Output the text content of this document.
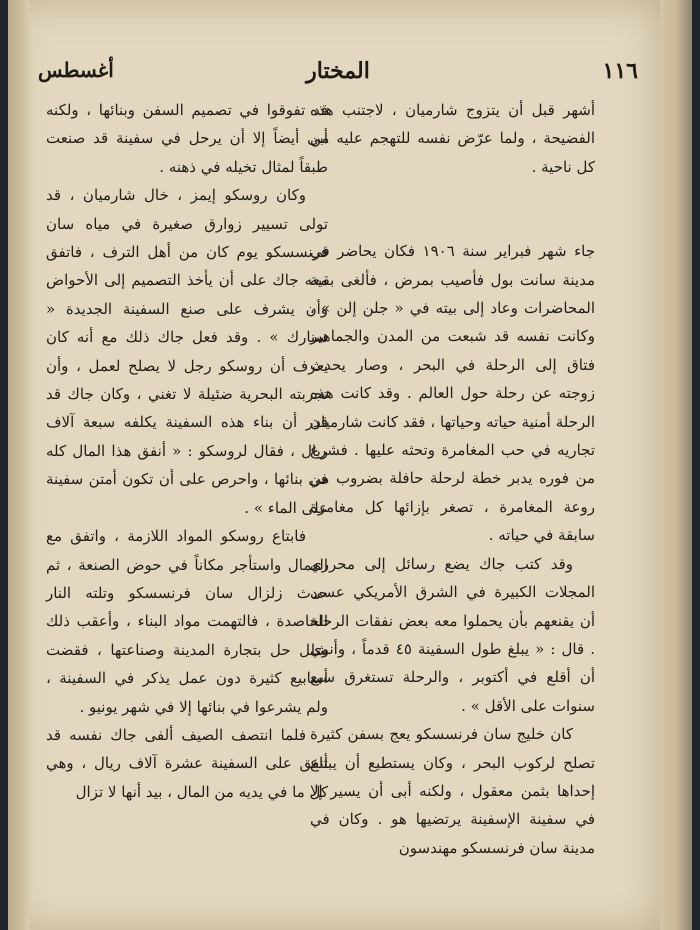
١١٦
المختار
أغسطس

أشهر قبل أن يتزوج شارميان ، لاجتنب هذه الفضيحة ، ولما عرّض نفسه للتهجم عليه من كل ناحية .

جاء شهر فبراير سنة ١٩٠٦ فكان يحاضر في مدينة سانت بول فأصيب بمرض ، فألغى بقية المحاضرات وعاد إلى بيته في « جلن إلن » ، وكانت نفسه قد شبعت من المدن والجماهير فتاق إلى الرحلة في البحر ، وصار يحدث زوجته عن رحلة حول العالم . وقد كانت هذه الرحلة أمنية حياته وحياتها ، فقد كانت شارميان تجاريه في حب المغامرة وتحثه عليها . فشرع من فوره يدبر خطة لرحلة حافلة بضروب من روعة المغامرة ، تصغر بإزائها كل مغامرة سابقة في حياته .

وقد كتب جاك يضع رسائل إلى محرري المجلات الكبيرة في الشرق الأمريكي عسى أن يقنعهم بأن يحملوا معه بعض نفقات الرحلة . قال : « يبلغ طول السفينة ٤٥ قدماً ، وأنوي أن أقلع في أكتوبر ، والرحلة تستغرق سبع سنوات على الأقل » .

كان خليج سان فرنسسكو يعج بسفن كثيرة تصلح لركوب البحر ، وكان يستطيع أن يبتاع إحداها بثمن معقول ، ولكنه أبى أن يسير إلا في سفينة الإسفينة يرتضيها هو . وكان في مدينة سان فرنسسكو مهندسون

قد تفوقوا في تصميم السفن وبنائها ، ولكنه أبى أيضاً إلا أن يرحل في سفينة قد صنعت طبقاً لمثال تخيله في ذهنه .

وكان روسكو إيمز ، خال شارميان ، قد تولى تسيير زوارق صغيرة في مياه سان فرنسسكو يوم كان من أهل الترف ، فاتفق معه جاك على أن يأخذ التصميم إلى الأحواض وأن يشرف على صنع السفينة الجديدة « سنارك » . وقد فعل جاك ذلك مع أنه كان يعرف أن روسكو رجل لا يصلح لعمل ، وأن تجربته البحرية ضئيلة لا تغني ، وكان جاك قد قدر أن بناء هذه السفينة يكلفه سبعة آلاف ريال ، فقال لروسكو : « أنفق هذا المال كله في بنائها ، واحرص على أن تكون أمتن سفينة على الماء » .

فابتاع روسكو المواد اللازمة ، واتفق مع العمال واستأجر مكاناً في حوض الصنعة ، ثم حدث زلزال سان فرنسسكو وتلته النار الحاصدة ، فالتهمت مواد البناء ، وأعقب ذلك شلل حل بتجارة المدينة وصناعتها ، فقضت أسابيع كثيرة دون عمل يذكر في السفينة ، ولم يشرعوا في بنائها إلا في شهر يونيو .

فلما انتصف الصيف ألفى جاك نفسه قد أنفق على السفينة عشرة آلاف ريال ، وهي كل ما في يديه من المال ، بيد أنها لا تزال
